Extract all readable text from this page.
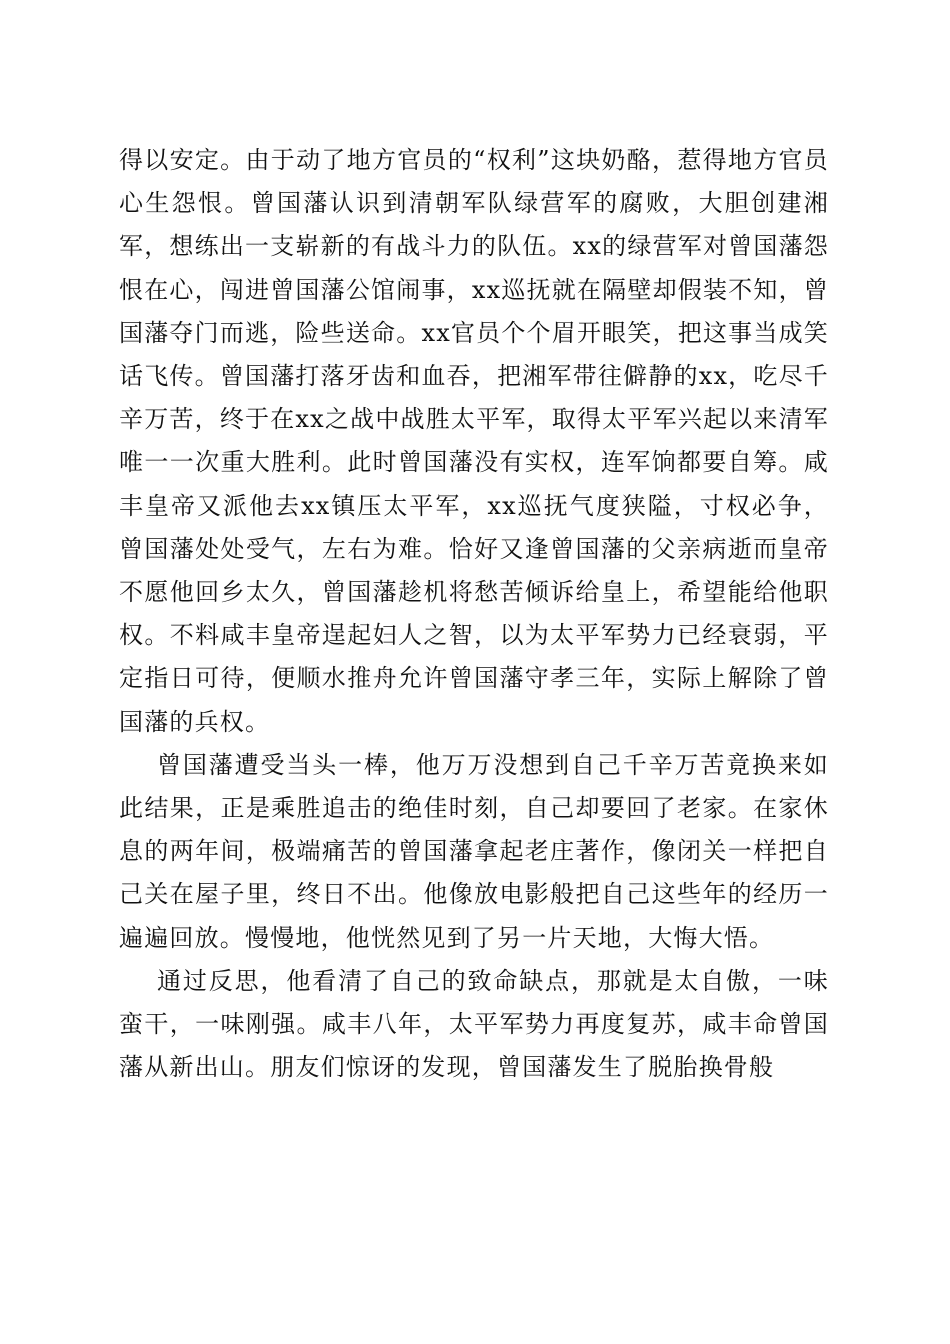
得以安定。由于动了地方官员的“权利”这块奶酪，惹得地方官员心生怨恨。曾国藩认识到清朝军队绿营军的腐败，大胆创建湘军，想练出一支崭新的有战斗力的队伍。xx的绿营军对曾国藩怨恨在心，闯进曾国藩公馆闹事，xx巡抚就在隔壁却假装不知，曾国藩夺门而逃，险些送命。xx官员个个眉开眼笑，把这事当成笑话飞传。曾国藩打落牙齿和血吞，把湘军带往僻静的xx，吃尽千辛万苦，终于在xx之战中战胜太平军，取得太平军兴起以来清军唯一一次重大胜利。此时曾国藩没有实权，连军饷都要自筹。咸丰皇帝又派他去xx镇压太平军，xx巡抚气度狭隘，寸权必争，曾国藩处处受气，左右为难。恰好又逢曾国藩的父亲病逝而皇帝不愿他回乡太久，曾国藩趁机将愁苦倾诉给皇上，希望能给他职权。不料咸丰皇帝逞起妇人之智，以为太平军势力已经衰弱，平定指日可待，便顺水推舟允许曾国藩守孝三年，实际上解除了曾国藩的兵权。

曾国藩遭受当头一棒，他万万没想到自己千辛万苦竟换来如此结果，正是乘胜追击的绝佳时刻，自己却要回了老家。在家休息的两年间，极端痛苦的曾国藩拿起老庄著作，像闭关一样把自己关在屋子里，终日不出。他像放电影般把自己这些年的经历一遍遍回放。慢慢地，他恍然见到了另一片天地，大悔大悟。

通过反思，他看清了自己的致命缺点，那就是太自傲，一味蛮干，一味刚强。咸丰八年，太平军势力再度复苏，咸丰命曾国藩从新出山。朋友们惊讶的发现，曾国藩发生了脱胎换骨般
